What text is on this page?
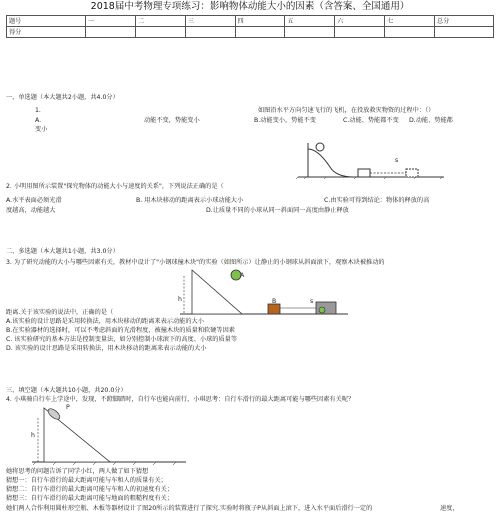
2018届中考物理专项练习：影响物体动能大小的因素（含答案、全国通用）
题号	一	二	三	四	五	六	七	总分
得分								
一、单选题（本大题共2小题，共4.0分）
1.	如图沿水平方向匀速飞行的飞机，在投放救灾物资的过程中：（）
A.	动能不变，势能变小	B.动能变小，势能不变	C.动能、势能都不变 D.动能、势能都
变小
s
2. 小明用图所示装置"探究物体的动能大小与速度的关系"，下列说法正确的是（
A.水平表面必须光滑	B. 用木块移动的距离表示小球动能大小	C.由实验可得到结论：物体的释放的高
度越高，动能越大	D.让质量不同的小球从同一斜面同一高度由静止释放
二、多选题（本大题共1小题，共3.0分）
3. 为了研究动能的大小与哪些因素有关，教材中设计了"小钢球撞木块"的实验（如图所示）让静止的小钢球从斜面滚下，观察木块被推动的
A
h	B	s
距离.关于该实验的说法中，正确的是（
A.该实验的设计思路是采用转换法，用木块移动的距离来表示动能的大小
B.在实验器材的选择时，可以不考虑斜面的光滑程度，被撞木块的质量和软硬等因素
C. 该实验研究的基本方法是控制变量法，如分别控制小球滚下的高度、小球的质量等
D. 该实验的设计思路是采用转换法，用木块移动的距离来表示动能的大小
三、填空题（本大题共10小题，共20.0分）
4. 小琪骑自行车上学途中，发现，不蹬脚踏时，自行车也能向前行，小琪思考：自行车滑行的最大距离可能与哪些因素有关呢？
P
h
她将思考的问题告诉了同学小红，两人做了如下猜想
猜想一：自行车滑行的最大距离可能与车和人的质量有关；
猜想二：自行车滑行的最大距离可能与车和人的初速度有关；
猜想三：自行车滑行的最大距离可能与地面的粗糙程度有关；
她们两人合作利用圆柱形空瓶、木板等器材设计了图20所示的装置进行了探究.实验时将瓶子P从斜面上滚下，进入水平面后滑行一定的	速度，
